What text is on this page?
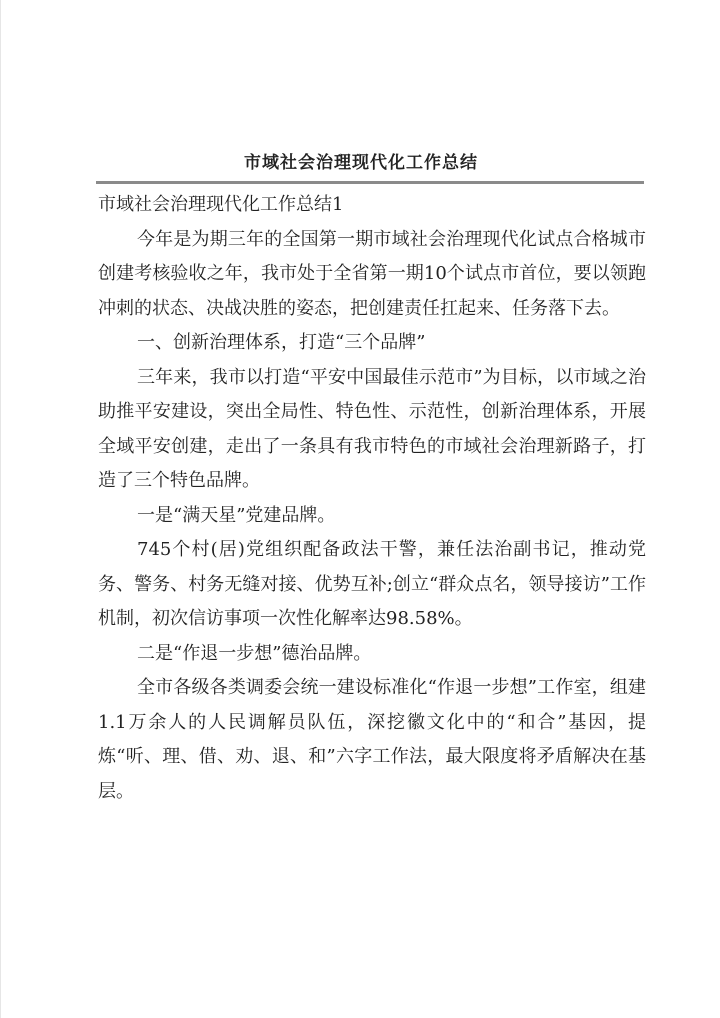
市域社会治理现代化工作总结

市域社会治理现代化工作总结1

今年是为期三年的全国第一期市域社会治理现代化试点合格城市创建考核验收之年，我市处于全省第一期10个试点市首位，要以领跑冲刺的状态、决战决胜的姿态，把创建责任扛起来、任务落下去。

一、创新治理体系，打造“三个品牌”

三年来，我市以打造“平安中国最佳示范市”为目标，以市域之治助推平安建设，突出全局性、特色性、示范性，创新治理体系，开展全域平安创建，走出了一条具有我市特色的市域社会治理新路子，打造了三个特色品牌。

一是“满天星”党建品牌。

745个村(居)党组织配备政法干警，兼任法治副书记，推动党务、警务、村务无缝对接、优势互补;创立“群众点名，领导接访”工作机制，初次信访事项一次性化解率达98.58%。

二是“作退一步想”德治品牌。

全市各级各类调委会统一建设标准化“作退一步想”工作室，组建1.1万余人的人民调解员队伍，深挖徽文化中的“和合”基因，提炼“听、理、借、劝、退、和”六字工作法，最大限度将矛盾解决在基层。
